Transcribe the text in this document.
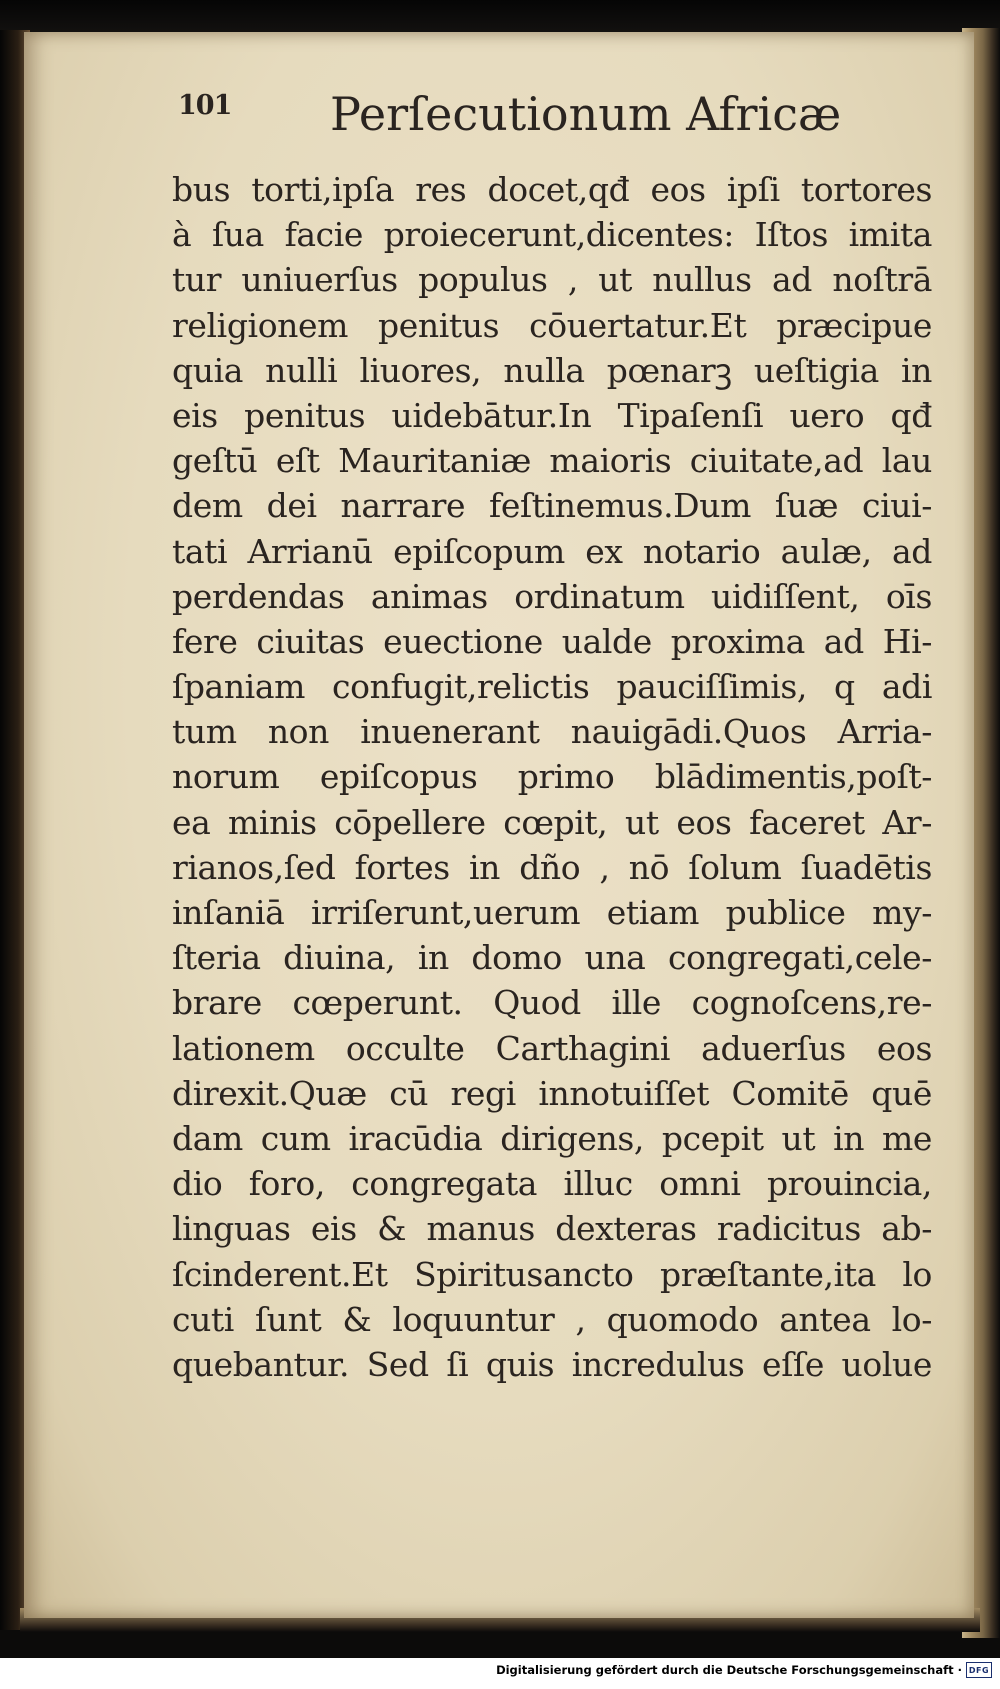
101 Perſecutionum Africæ
bus torti,ipſa res docet,qđ eos ipſi tortores
à ſua facie proiecerunt,dicentes: Iſtos imita
tur uniuerſus populus , ut nullus ad noſtrā
religionem penitus cōuertatur.Et præcipue
quia nulli liuores, nulla pœnarꝫ ueſtigia in
eis penitus uidebātur.In Tipaſenſi uero qđ
geſtū eſt Mauritaniæ maioris ciuitate,ad lau
dem dei narrare feſtinemus.Dum ſuæ ciui-
tati Arrianū epiſcopum ex notario aulæ, ad
perdendas animas ordinatum uidiſſent, oīs
fere ciuitas euectione ualde proxima ad Hi-
ſpaniam confugit,relictis pauciſſimis, q adi
tum non inuenerant nauigādi.Quos Arria-
norum epiſcopus primo blādimentis,poſt-
ea minis cōpellere cœpit, ut eos faceret Ar-
rianos,ſed fortes in dño , nō ſolum ſuadētis
inſaniā irriſerunt,uerum etiam publice my-
ſteria diuina, in domo una congregati,cele-
brare cœperunt. Quod ille cognoſcens,re-
lationem occulte Carthagini aduerſus eos
direxit.Quæ cū regi innotuiſſet Comitē quē
dam cum iracūdia dirigens, pcepit ut in me
dio foro, congregata illuc omni prouincia,
linguas eis & manus dexteras radicitus ab-
ſcinderent.Et Spiritusancto præſtante,ita lo
cuti ſunt & loquuntur , quomodo antea lo-
quebantur. Sed ſi quis incredulus eſſe uolue
Digitalisierung gefördert durch die Deutsche Forschungsgemeinschaft · DFG
